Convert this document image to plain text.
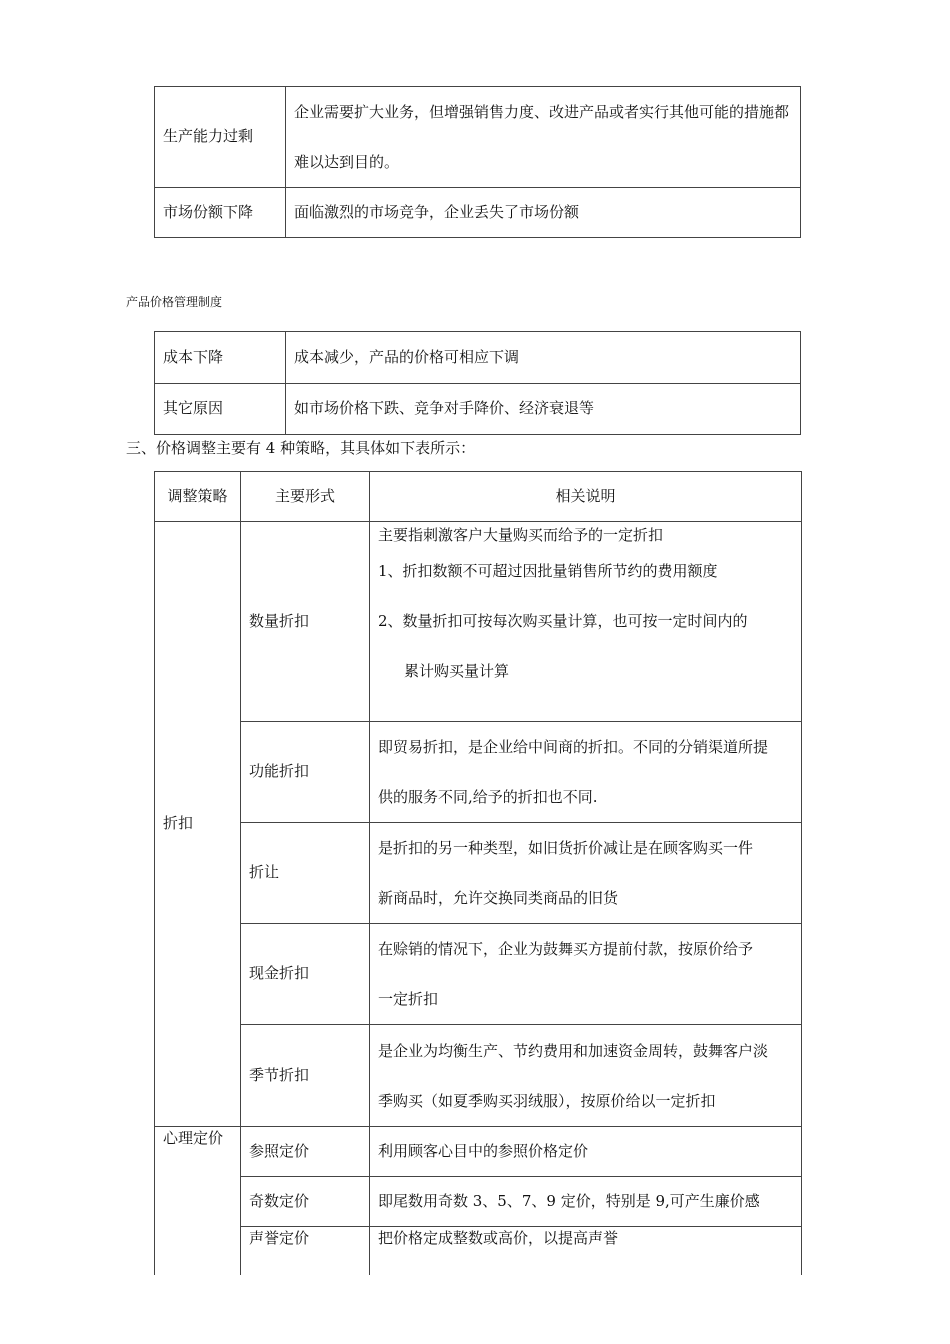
生产能力过剩	企业需要扩大业务，但增强销售力度、改进产品或者实行其他可能的措施都难以达到目的。
市场份额下降	面临激烈的市场竞争，企业丢失了市场份额
产品价格管理制度
成本下降	成本减少，产品的价格可相应下调
其它原因	如市场价格下跌、竞争对手降价、经济衰退等
三、价格调整主要有 4 种策略，其具体如下表所示：
调整策略	主要形式	相关说明
折扣	数量折扣	主要指刺激客户大量购买而给予的一定折扣
1、折扣数额不可超过因批量销售所节约的费用额度
2、数量折扣可按每次购买量计算，也可按一定时间内的
累计购买量计算

	功能折扣	即贸易折扣，是企业给中间商的折扣。不同的分销渠道所提
供的服务不同,给予的折扣也不同.

	折让	是折扣的另一种类型，如旧货折价减让是在顾客购买一件
新商品时，允许交换同类商品的旧货

	现金折扣	在赊销的情况下，企业为鼓舞买方提前付款，按原价给予
一定折扣

	季节折扣	是企业为均衡生产、节约费用和加速资金周转，鼓舞客户淡
季购买（如夏季购买羽绒服），按原价给以一定折扣

心理定价	参照定价	利用顾客心目中的参照价格定价
	奇数定价	即尾数用奇数 3、5、7、9 定价，特别是 9,可产生廉价感
	声誉定价	把价格定成整数或高价，以提高声誉
